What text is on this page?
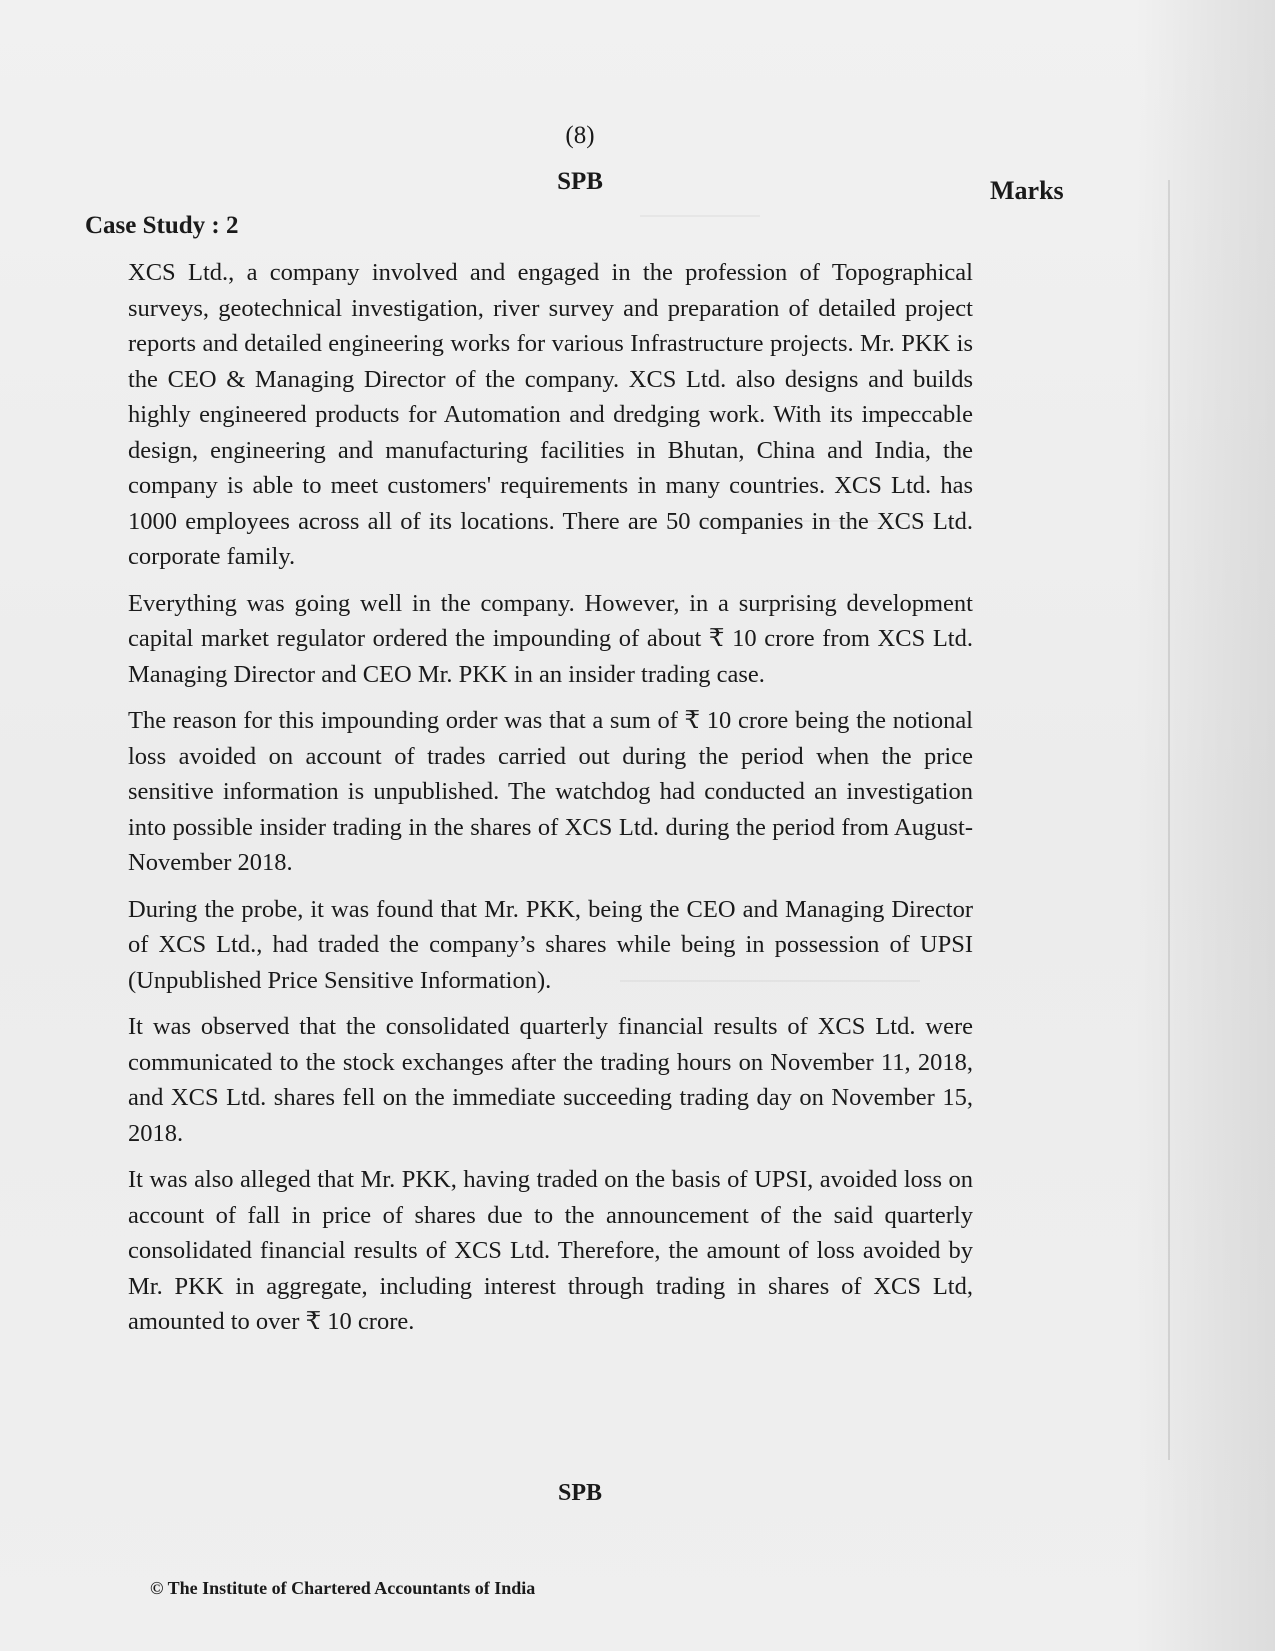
(8)
SPB	Marks
Case Study : 2

XCS Ltd., a company involved and engaged in the profession of Topographical surveys, geotechnical investigation, river survey and preparation of detailed project reports and detailed engineering works for various Infrastructure projects. Mr. PKK is the CEO & Managing Director of the company. XCS Ltd. also designs and builds highly engineered products for Automation and dredging work. With its impeccable design, engineering and manufacturing facilities in Bhutan, China and India, the company is able to meet customers' requirements in many countries. XCS Ltd. has 1000 employees across all of its locations. There are 50 companies in the XCS Ltd. corporate family.

Everything was going well in the company. However, in a surprising development capital market regulator ordered the impounding of about ₹ 10 crore from XCS Ltd. Managing Director and CEO Mr. PKK in an insider trading case.

The reason for this impounding order was that a sum of ₹ 10 crore being the notional loss avoided on account of trades carried out during the period when the price sensitive information is unpublished. The watchdog had conducted an investigation into possible insider trading in the shares of XCS Ltd. during the period from August-November 2018.

During the probe, it was found that Mr. PKK, being the CEO and Managing Director of XCS Ltd., had traded the company’s shares while being in possession of UPSI (Unpublished Price Sensitive Information).

It was observed that the consolidated quarterly financial results of XCS Ltd. were communicated to the stock exchanges after the trading hours on November 11, 2018, and XCS Ltd. shares fell on the immediate succeeding trading day on November 15, 2018.

It was also alleged that Mr. PKK, having traded on the basis of UPSI, avoided loss on account of fall in price of shares due to the announcement of the said quarterly consolidated financial results of XCS Ltd. Therefore, the amount of loss avoided by Mr. PKK in aggregate, including interest through trading in shares of XCS Ltd, amounted to over ₹ 10 crore.

SPB
© The Institute of Chartered Accountants of India
